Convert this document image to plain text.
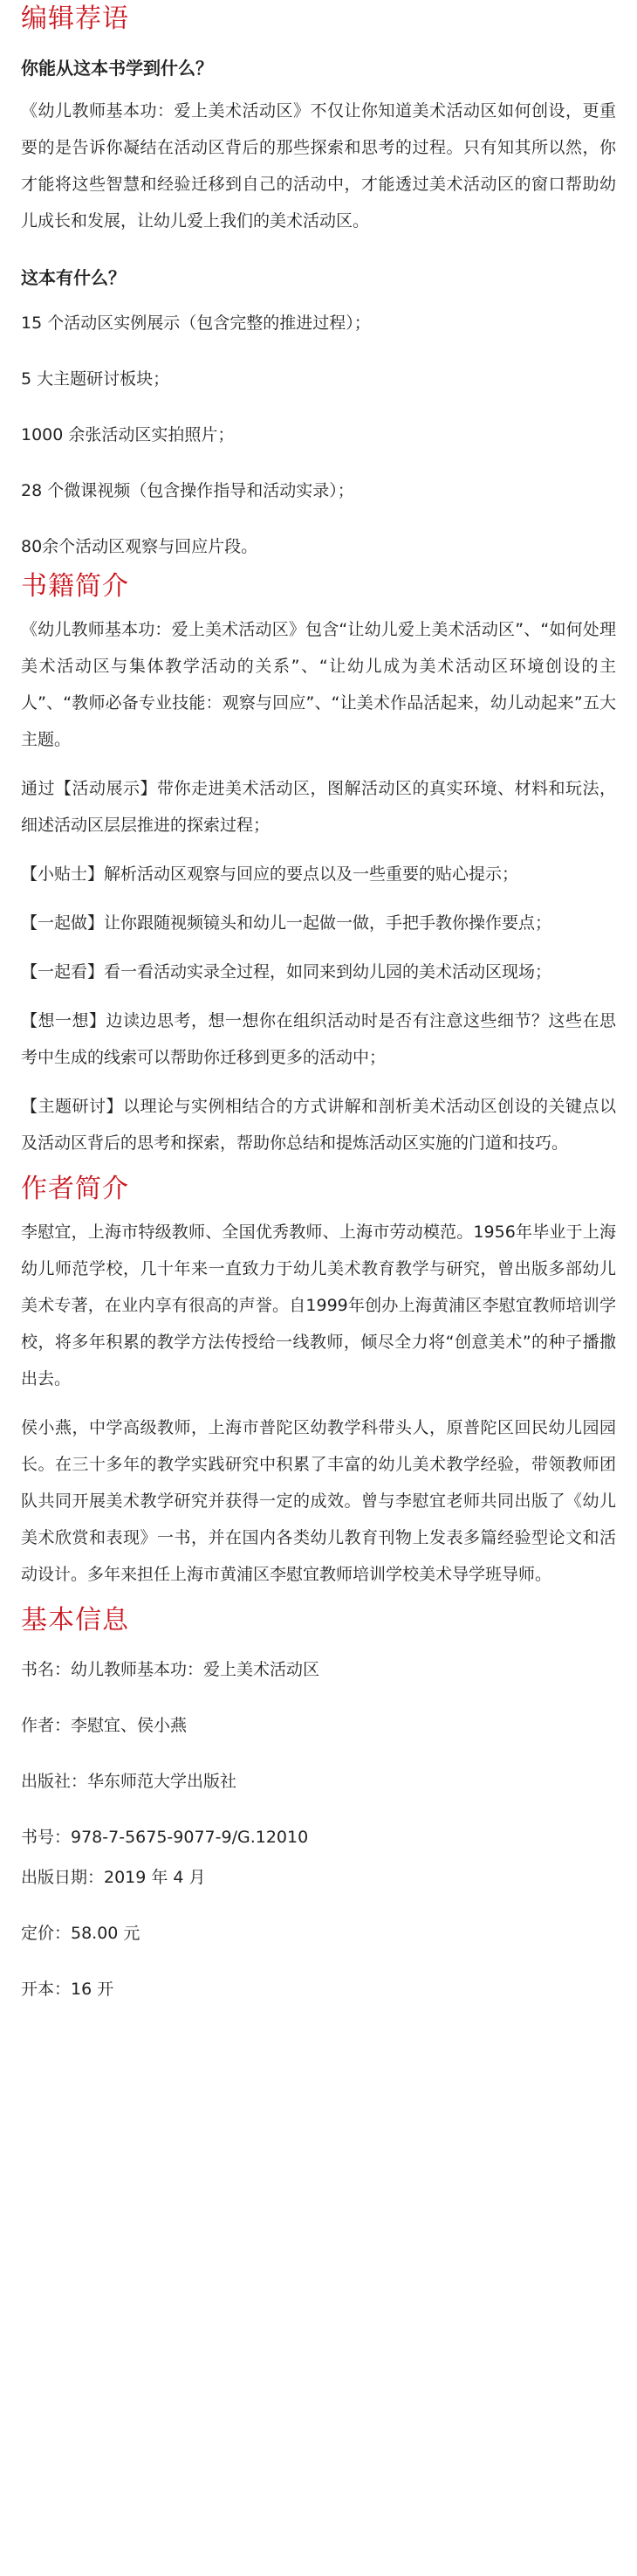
编辑荐语
你能从这本书学到什么？

《幼儿教师基本功：爱上美术活动区》不仅让你知道美术活动区如何创设，更重要的是告诉你凝结在活动区背后的那些探索和思考的过程。只有知其所以然，你才能将这些智慧和经验迁移到自己的活动中，才能透过美术活动区的窗口帮助幼儿成长和发展，让幼儿爱上我们的美术活动区。

这本有什么？
15 个活动区实例展示（包含完整的推进过程）；
5 大主题研讨板块；
1000 余张活动区实拍照片；
28 个微课视频（包含操作指导和活动实录）；
80余个活动区观察与回应片段。
书籍简介

《幼儿教师基本功：爱上美术活动区》包含“让幼儿爱上美术活动区”、“如何处理美术活动区与集体教学活动的关系”、“让幼儿成为美术活动区环境创设的主人”、“教师必备专业技能：观察与回应”、“让美术作品活起来，幼儿动起来”五大主题。

通过【活动展示】带你走进美术活动区，图解活动区的真实环境、材料和玩法，细述活动区层层推进的探索过程；

【小贴士】解析活动区观察与回应的要点以及一些重要的贴心提示；

【一起做】让你跟随视频镜头和幼儿一起做一做，手把手教你操作要点；

【一起看】看一看活动实录全过程，如同来到幼儿园的美术活动区现场；

【想一想】边读边思考，想一想你在组织活动时是否有注意这些细节？这些在思考中生成的线索可以帮助你迁移到更多的活动中；

【主题研讨】以理论与实例相结合的方式讲解和剖析美术活动区创设的关键点以及活动区背后的思考和探索，帮助你总结和提炼活动区实施的门道和技巧。

作者简介

李慰宜，上海市特级教师、全国优秀教师、上海市劳动模范。1956年毕业于上海幼儿师范学校，几十年来一直致力于幼儿美术教育教学与研究，曾出版多部幼儿美术专著，在业内享有很高的声誉。自1999年创办上海黄浦区李慰宜教师培训学校，将多年积累的教学方法传授给一线教师，倾尽全力将“创意美术”的种子播撒出去。

侯小燕，中学高级教师，上海市普陀区幼教学科带头人，原普陀区回民幼儿园园长。在三十多年的教学实践研究中积累了丰富的幼儿美术教学经验，带领教师团队共同开展美术教学研究并获得一定的成效。曾与李慰宜老师共同出版了《幼儿美术欣赏和表现》一书，并在国内各类幼儿教育刊物上发表多篇经验型论文和活动设计。多年来担任上海市黄浦区李慰宜教师培训学校美术导学班导师。

基本信息
书名：幼儿教师基本功：爱上美术活动区
作者：李慰宜、侯小燕
出版社：华东师范大学出版社
书号：978-7-5675-9077-9/G.12010
出版日期：2019 年 4 月
定价：58.00 元
开本：16 开
